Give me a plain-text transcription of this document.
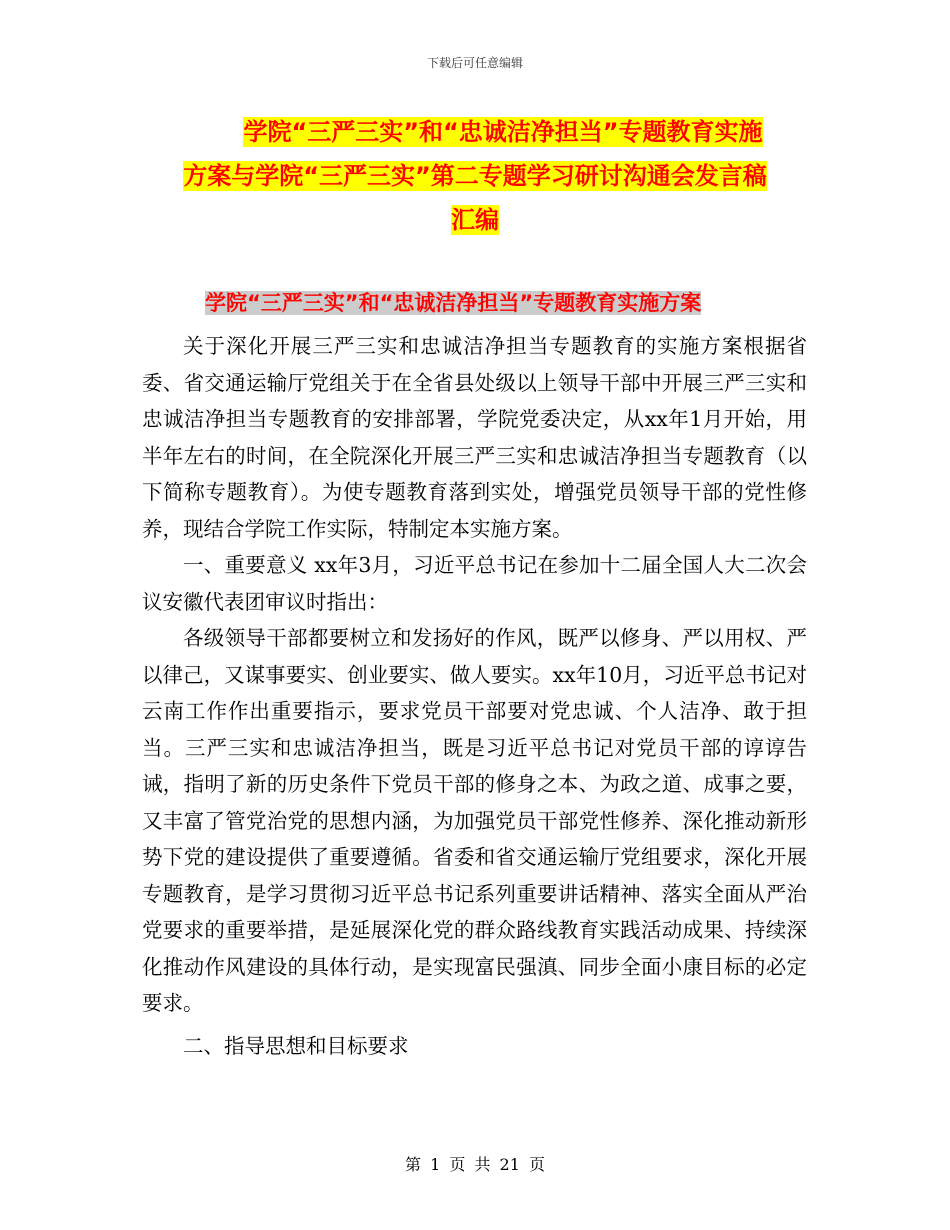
下载后可任意编辑
学院“三严三实”和“忠诚洁净担当”专题教育实施
方案与学院“三严三实”第二专题学习研讨沟通会发言稿
汇编
学院“三严三实”和“忠诚洁净担当”专题教育实施方案

关于深化开展三严三实和忠诚洁净担当专题教育的实施方案根据省委、省交通运输厅党组关于在全省县处级以上领导干部中开展三严三实和忠诚洁净担当专题教育的安排部署，学院党委决定，从xx年1月开始，用半年左右的时间，在全院深化开展三严三实和忠诚洁净担当专题教育（以下简称专题教育）。为使专题教育落到实处，增强党员领导干部的党性修养，现结合学院工作实际，特制定本实施方案。

一、重要意义 xx年3月，习近平总书记在参加十二届全国人大二次会议安徽代表团审议时指出：

各级领导干部都要树立和发扬好的作风，既严以修身、严以用权、严以律己，又谋事要实、创业要实、做人要实。xx年10月，习近平总书记对云南工作作出重要指示，要求党员干部要对党忠诚、个人洁净、敢于担当。三严三实和忠诚洁净担当，既是习近平总书记对党员干部的谆谆告诫，指明了新的历史条件下党员干部的修身之本、为政之道、成事之要，又丰富了管党治党的思想内涵，为加强党员干部党性修养、深化推动新形势下党的建设提供了重要遵循。省委和省交通运输厅党组要求，深化开展专题教育，是学习贯彻习近平总书记系列重要讲话精神、落实全面从严治党要求的重要举措，是延展深化党的群众路线教育实践活动成果、持续深化推动作风建设的具体行动，是实现富民强滇、同步全面小康目标的必定要求。

二、指导思想和目标要求

第 1 页 共 21 页
